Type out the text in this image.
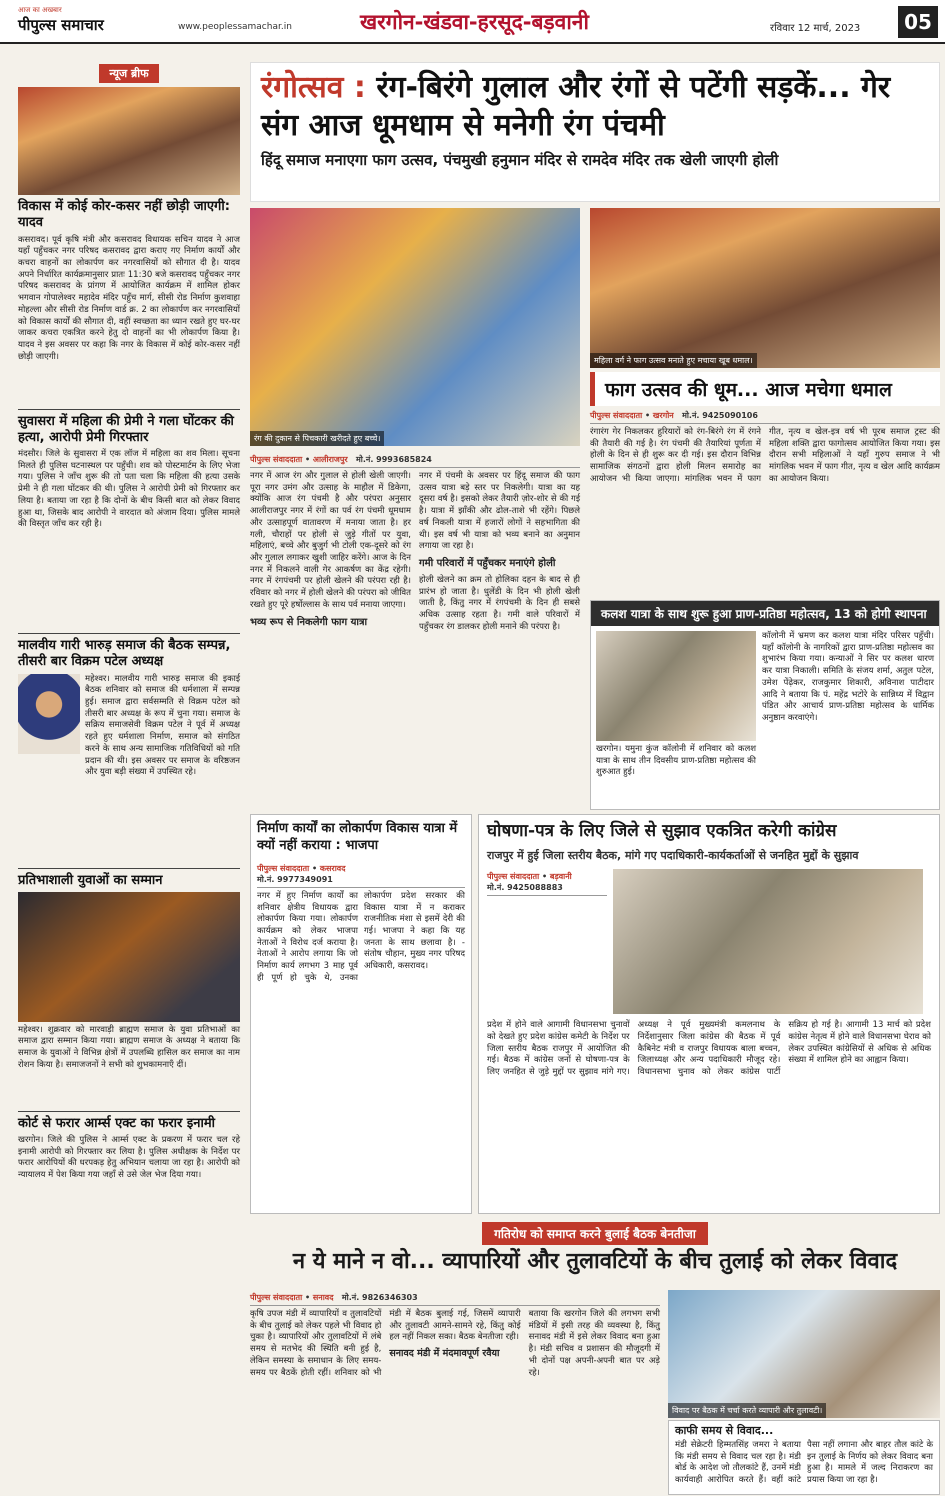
आज का अखबार
पीपुल्स समाचार	www.peoplessamachar.in	खरगोन-खंडवा-हरसूद-बड़वानी	रविवार 12 मार्च, 2023	05
न्यूज ब्रीफ
विकास में कोई कोर-कसर नहीं छोड़ी जाएगी: यादव
कसरावद। पूर्व कृषि मंत्री और कसरावद विधायक सचिन यादव ने आज यहाँ पहुँचकर नगर परिषद कसरावद द्वारा कराए गए निर्माण कार्यों और कचरा वाहनों का लोकार्पण कर नगरवासियों को सौगात दी है। यादव अपने निर्धारित कार्यक्रमानुसार प्रातः 11:30 बजे कसरावद पहुँचकर नगर परिषद कसरावद के प्रांगण में आयोजित कार्यक्रम में शामिल होकर भगवान गोपालेश्वर महादेव मंदिर पहुँच मार्ग, सीसी रोड निर्माण कुशवाहा मोहल्ला और सीसी रोड निर्माण वार्ड क्र. 2 का लोकार्पण कर नगरवासियों को विकास कार्यों की सौगात दी, वहीं स्वच्छता का ध्यान रखते हुए घर-घर जाकर कचरा एकत्रित करने हेतु दो वाहनों का भी लोकार्पण किया है। यादव ने इस अवसर पर कहा कि नगर के विकास में कोई कोर-कसर नहीं छोड़ी जाएगी।
सुवासरा में महिला की प्रेमी ने गला घोंटकर की हत्या, आरोपी प्रेमी गिरफ्तार
मंदसौर। जिले के सुवासरा में एक लॉज में महिला का शव मिला। सूचना मिलते ही पुलिस घटनास्थल पर पहुँची। शव को पोस्टमार्टम के लिए भेजा गया। पुलिस ने जाँच शुरू की तो पता चला कि महिला की हत्या उसके प्रेमी ने ही गला घोंटकर की थी। पुलिस ने आरोपी प्रेमी को गिरफ्तार कर लिया है। बताया जा रहा है कि दोनों के बीच किसी बात को लेकर विवाद हुआ था, जिसके बाद आरोपी ने वारदात को अंजाम दिया। पुलिस मामले की विस्तृत जाँच कर रही है।
मालवीय गारी भारुड़ समाज की बैठक सम्पन्न, तीसरी बार विक्रम पटेल अध्यक्ष
महेश्वर। मालवीय गारी भारुड़ समाज की इकाई बैठक शनिवार को समाज की धर्मशाला में सम्पन्न हुई। समाज द्वारा सर्वसम्मति से विक्रम पटेल को तीसरी बार अध्यक्ष के रूप में चुना गया। समाज के सक्रिय समाजसेवी विक्रम पटेल ने पूर्व में अध्यक्ष रहते हुए धर्मशाला निर्माण, समाज को संगठित करने के साथ अन्य सामाजिक गतिविधियों को गति प्रदान की थी। इस अवसर पर समाज के वरिष्ठजन और युवा बड़ी संख्या में उपस्थित रहे।
प्रतिभाशाली युवाओं का सम्मान
महेश्वर। शुक्रवार को मारवाड़ी ब्राह्मण समाज के युवा प्रतिभाओं का समाज द्वारा सम्मान किया गया। ब्राह्मण समाज के अध्यक्ष ने बताया कि समाज के युवाओं ने विभिन्न क्षेत्रों में उपलब्धि हासिल कर समाज का नाम रोशन किया है। समाजजनों ने सभी को शुभकामनाएँ दीं।
कोर्ट से फरार आर्म्स एक्ट का फरार इनामी
खरगोन। जिले की पुलिस ने आर्म्स एक्ट के प्रकरण में फरार चल रहे इनामी आरोपी को गिरफ्तार कर लिया है। पुलिस अधीक्षक के निर्देश पर फरार आरोपियों की धरपकड़ हेतु अभियान चलाया जा रहा है। आरोपी को न्यायालय में पेश किया गया जहाँ से उसे जेल भेज दिया गया।
रंगोत्सव : रंग-बिरंगे गुलाल और रंगों से पटेंगी सड़कें... गेर संग आज धूमधाम से मनेगी रंग पंचमी
हिंदू समाज मनाएगा फाग उत्सव, पंचमुखी हनुमान मंदिर से रामदेव मंदिर तक खेली जाएगी होली
रंग की दुकान से पिचकारी खरीदते हुए बच्चे।
महिला वर्ग ने फाग उत्सव मनाते हुए मचाया खूब धमाल।
फाग उत्सव की धूम... आज मचेगा धमाल
पीपुल्स संवाददाता • आलीराजपुर मो.नं. 9993685824
नगर में आज रंग और गुलाल से होली खेली जाएगी। पूरा नगर उमंग और उत्साह के माहौल में डिकेगा, क्योंकि आज रंग पंचमी है और परंपरा अनुसार आलीराजपुर नगर में रंगों का पर्व रंग पंचमी धूमधाम और उत्साहपूर्ण वातावरण में मनाया जाता है। हर गली, चौराहों पर होली से जुड़े गीतों पर युवा, महिलाएं, बच्चे और बुजुर्ग भी टोली एक-दूसरे को रंग और गुलाल लगाकर खुशी जाहिर करेंगे। आज के दिन नगर में निकलने वाली गेर आकर्षण का केंद्र रहेगी। नगर में रंगपंचमी पर होली खेलने की परंपरा रही है। रविवार को नगर में होली खेलने की परंपरा को जीवित रखते हुए पूरे हर्षोल्लास के साथ पर्व मनाया जाएगा।
भव्य रूप से निकलेगी फाग यात्रा
नगर में पंचमी के अवसर पर हिंदू समाज की फाग उत्सव यात्रा बड़े स्तर पर निकलेगी। यात्रा का यह दूसरा वर्ष है। इसको लेकर तैयारी ज़ोर-शोर से की गई है। यात्रा में झाँकी और ढोल-ताशे भी रहेंगे। पिछले वर्ष निकली यात्रा में हजारों लोगों ने सहभागिता की थी। इस वर्ष भी यात्रा को भव्य बनाने का अनुमान लगाया जा रहा है।
गमी परिवारों में पहुँचकर मनाएंगे होली
होली खेलने का क्रम तो होलिका दहन के बाद से ही प्रारंभ हो जाता है। धुलेंडी के दिन भी होली खेली जाती है, किंतु नगर में रंगपंचमी के दिन ही सबसे अधिक उत्साह रहता है। गमी वाले परिवारों में पहुँचकर रंग डालकर होली मनाने की परंपरा है।
पीपुल्स संवाददाता • खरगोन मो.नं. 9425090106
रंगारंग गेर निकलकर हुरियारों को रंग-बिरंगे रंग में रंगने की तैयारी की गई है। रंग पंचमी की तैयारियां पूर्णता में होली के दिन से ही शुरू कर दी गई। इस दौरान विभिन्न सामाजिक संगठनों द्वारा होली मिलन समारोह का आयोजन भी किया जाएगा। मांगलिक भवन में फाग गीत, नृत्य व खेल-इत्र वर्ष भी पूरब समाज ट्रस्ट की महिला शक्ति द्वारा फागोत्सव आयोजित किया गया। इस दौरान सभी महिलाओं ने यहाँ गुरुप समाज ने भी मांगलिक भवन में फाग गीत, नृत्य व खेल आदि कार्यक्रम का आयोजन किया।
कलश यात्रा के साथ शुरू हुआ प्राण-प्रतिष्ठा महोत्सव, 13 को होगी स्थापना
खरगोन। यमुना कुंज कॉलोनी में शनिवार को कलश यात्रा के साथ तीन दिवसीय प्राण-प्रतिष्ठा महोत्सव की शुरुआत हुई।
कॉलोनी में भ्रमण कर कलश यात्रा मंदिर परिसर पहुँची। यहाँ कॉलोनी के नागरिकों द्वारा प्राण-प्रतिष्ठा महोत्सव का शुभारंभ किया गया। कन्याओं ने सिर पर कलश धारण कर यात्रा निकाली। समिति के संजय शर्मा, अतुल पटेल, उमेश पेंढ़ेकर, राजकुमार शिकारी, अविनाश पाटीदार आदि ने बताया कि पं. महेंद्र भटोरे के सान्निध्य में विद्वान पंडित और आचार्य प्राण-प्रतिष्ठा महोत्सव के धार्मिक अनुष्ठान करवाएंगे।
निर्माण कार्यों का लोकार्पण विकास यात्रा में क्यों नहीं कराया : भाजपा
पीपुल्स संवाददाता • कसरावद
मो.नं. 9977349091
नगर में हुए निर्माण कार्यों का शनिवार क्षेत्रीय विधायक द्वारा लोकार्पण किया गया। लोकार्पण कार्यक्रम को लेकर भाजपा नेताओं ने विरोध दर्ज कराया है। नेताओं ने आरोप लगाया कि जो निर्माण कार्य लगभग 3 माह पूर्व ही पूर्ण हो चुके थे, उनका लोकार्पण प्रदेश सरकार की विकास यात्रा में न कराकर राजनीतिक मंशा से इसमें देरी की गई। भाजपा ने कहा कि यह जनता के साथ छलावा है। - संतोष चौहान, मुख्य नगर परिषद अधिकारी, कसरावद।
घोषणा-पत्र के लिए जिले से सुझाव एकत्रित करेगी कांग्रेस
राजपुर में हुई जिला स्तरीय बैठक, मांगे गए पदाधिकारी-कार्यकर्ताओं से जनहित मुद्दों के सुझाव
पीपुल्स संवाददाता • बड़वानी
मो.नं. 9425088883
प्रदेश में होने वाले आगामी विधानसभा चुनावों को देखते हुए प्रदेश कांग्रेस कमेटी के निर्देश पर जिला स्तरीय बैठक राजपुर में आयोजित की गई। बैठक में कांग्रेस जनों से घोषणा-पत्र के लिए जनहित से जुड़े मुद्दों पर सुझाव मांगे गए। अध्यक्ष ने पूर्व मुख्यमंत्री कमलनाथ के निर्देशानुसार जिला कांग्रेस की बैठक में पूर्व कैबिनेट मंत्री व राजपुर विधायक बाला बच्चन, जिलाध्यक्ष और अन्य पदाधिकारी मौजूद रहे। विधानसभा चुनाव को लेकर कांग्रेस पार्टी सक्रिय हो गई है। आगामी 13 मार्च को प्रदेश कांग्रेस नेतृत्व में होने वाले विधानसभा घेराव को लेकर उपस्थित कांग्रेसियों से अधिक से अधिक संख्या में शामिल होने का आह्वान किया।
गतिरोध को समाप्त करने बुलाई बैठक बेनतीजा
न ये माने न वो... व्यापारियों और तुलावटियों के बीच तुलाई को लेकर विवाद
पीपुल्स संवाददाता • सनावद मो.नं. 9826346303
कृषि उपज मंडी में व्यापारियों व तुलावटियों के बीच तुलाई को लेकर पहले भी विवाद हो चुका है। व्यापारियों और तुलावटियों में लंबे समय से मतभेद की स्थिति बनी हुई है, लेकिन समस्या के समाधान के लिए समय-समय पर बैठकें होती रहीं। शनिवार को भी मंडी में बैठक बुलाई गई, जिसमें व्यापारी और तुलावटी आमने-सामने रहे, किंतु कोई हल नहीं निकल सका। बैठक बेनतीजा रही।
सनावद मंडी में मंदमावपूर्ण रवैया
बताया कि खरगोन जिले की लगभग सभी मंडियों में इसी तरह की व्यवस्था है, किंतु सनावद मंडी में इसे लेकर विवाद बना हुआ है। मंडी सचिव व प्रशासन की मौजूदगी में भी दोनों पक्ष अपनी-अपनी बात पर अड़े रहे।
विवाद पर बैठक में चर्चा करते व्यापारी और तुलावटी।
काफी समय से विवाद...
मंडी सेक्रेटरी हिम्मतसिंह जमरा ने बताया कि मंडी समय से विवाद चल रहा है। मंडी बोर्ड के आदेश जो तौलकांटे हैं, उनमें मंडी कार्यवाही आरोपित करते हैं। वहीं कांटे पैसा नहीं लगाना और बाहर तौल कांटे के इन तुलाई के निर्णय को लेकर विवाद बना हुआ है। मामले में जल्द निराकरण का प्रयास किया जा रहा है।
